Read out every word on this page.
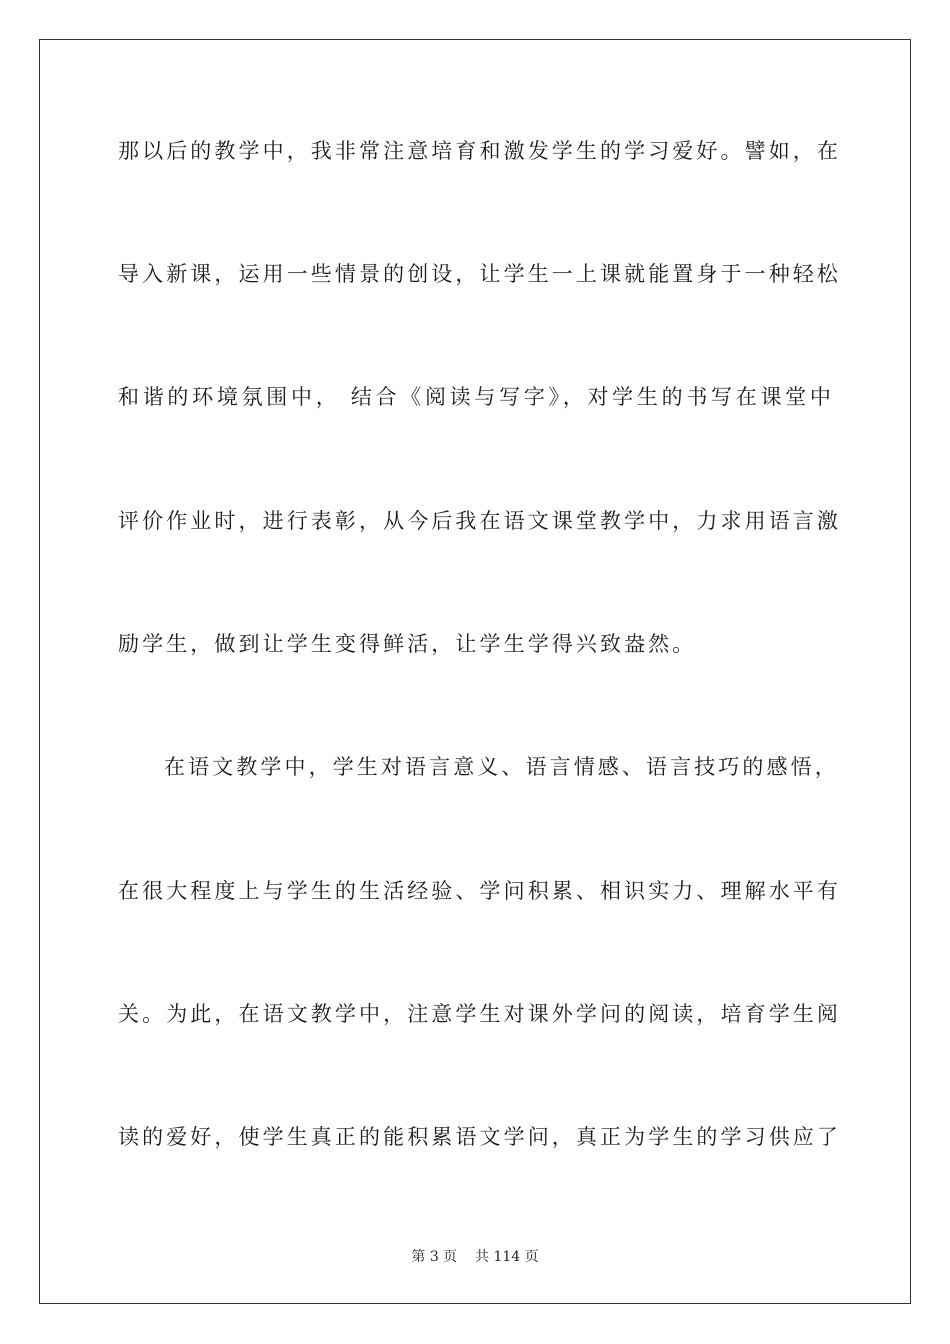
那以后的教学中，我非常注意培育和激发学生的学习爱好。譬如，在
导入新课，运用一些情景的创设，让学生一上课就能置身于一种轻松
和谐的环境氛围中， 结合《阅读与写字》，对学生的书写在课堂中
评价作业时，进行表彰，从今后我在语文课堂教学中，力求用语言激
励学生，做到让学生变得鲜活，让学生学得兴致盎然。
在语文教学中，学生对语言意义、语言情感、语言技巧的感悟，
在很大程度上与学生的生活经验、学问积累、相识实力、理解水平有
关。为此，在语文教学中，注意学生对课外学问的阅读，培育学生阅
读的爱好，使学生真正的能积累语文学问，真正为学生的学习供应了
第 3 页 共 114 页
